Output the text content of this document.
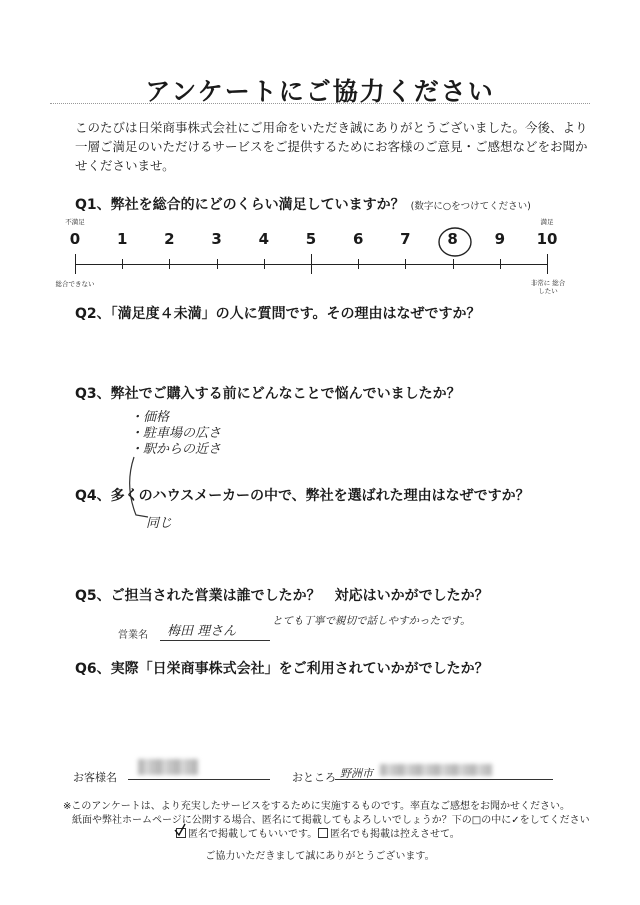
アンケートにご協力ください
このたびは日栄商事株式会社にご用命をいただき誠にありがとうございました。今後、より一層ご満足のいただけるサービスをご提供するためにお客様のご意見・ご感想などをお聞かせくださいませ。
Q1、弊社を総合的にどのくらい満足していますか？ (数字に○をつけてください)
不満足	満足
0	1	2	3	4	5	6	7	8	9	10
総合できない	非常に 総合したい
Q2、「満足度４未満」の人に質問です。その理由はなぜですか？
Q3、弊社でご購入する前にどんなことで悩んでいましたか？
・価格
・駐車場の広さ
・駅からの近さ
Q4、多くのハウスメーカーの中で、弊社を選ばれた理由はなぜですか？
同じ
Q5、ご担当された営業は誰でしたか？　対応はいかがでしたか？
営業名 梅田 理さん
とても丁寧で親切で話しやすかったです。
Q6、実際「日栄商事株式会社」をご利用されていかがでしたか？
お客様名	おところ 野洲市
※このアンケートは、より充実したサービスをするために実施するものです。率直なご感想をお聞かせください。
紙面や弊社ホームページに公開する場合、匿名にて掲載してもよろしいでしょうか？下の□の中に✓をしてください
匿名で掲載してもいいです。	匿名でも掲載は控えさせて。
ご協力いただきまして誠にありがとうございます。
